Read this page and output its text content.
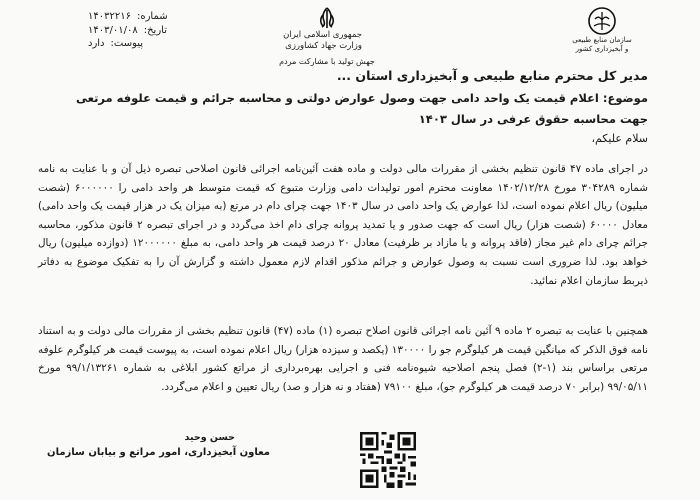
شماره:
۱۴۰۳۲۲۱۶
تاریخ:
۱۴۰۳/۰۱/۰۸
پیوست:
دارد
جمهوری اسلامی ایران
وزارت جهاد کشاورزی
جهش تولید با مشارکت مردم
سازمان منابع طبیعی
و آبخیزداری کشور
مدیر کل محترم منابع طبیعی و آبخیزداری استان ...
موضوع: اعلام قیمت یک واحد دامی جهت وصول عوارض دولتی و محاسبه جرائم و قیمت علوفه مرتعی جهت محاسبه حقوق عرفی در سال ۱۴۰۳
سلام علیکم،
در اجرای ماده ۴۷ قانون تنظیم بخشی از مقررات مالی دولت و ماده هفت آئین‌نامه اجرائی قانون اصلاحی تبصره ذیل آن و با عنایت به نامه شماره ۳۰۴۲۸۹ مورخ ۱۴۰۲/۱۲/۲۸ معاونت محترم امور تولیدات دامی وزارت متبوع که قیمت متوسط هر واحد دامی را ۶۰۰۰۰۰۰ (شصت میلیون) ریال اعلام نموده است، لذا عوارض یک واحد دامی در سال ۱۴۰۳ جهت چرای دام در مرتع (به میزان یک در هزار قیمت یک واحد دامی) معادل ۶۰۰۰۰ (شصت هزار) ریال است که جهت صدور و یا تمدید پروانه چرای دام اخذ می‌گردد و در اجرای تبصره ۲ قانون مذکور، محاسبه جرائم چرای دام غیر مجاز (فاقد پروانه و یا مازاد بر ظرفیت) معادل ۲۰ درصد قیمت هر واحد دامی، به مبلغ ۱۲۰۰۰۰۰۰ (دوازده میلیون) ریال خواهد بود. لذا ضروری است نسبت به وصول عوارض و جرائم مذکور اقدام لازم معمول داشته و گزارش آن را به تفکیک موضوع به دفاتر ذیربط سازمان اعلام نمائید.
همچنین با عنایت به تبصره ۲ ماده ۹ آئین نامه اجرائی قانون اصلاح تبصره (۱) ماده (۴۷) قانون تنظیم بخشی از مقررات مالی دولت و به استناد نامه فوق الذکر که میانگین قیمت هر کیلوگرم جو را ۱۳۰۰۰۰ (یکصد و سیزده هزار) ریال اعلام نموده است، به پیوست قیمت هر کیلوگرم علوفه مرتعی براساس بند (۱-۲) فصل پنجم اصلاحیه شیوه‌نامه فنی و اجرایی بهره‌برداری از مراتع کشور ابلاغی به شماره ۹۹/۱/۱۳۲۶۱ مورخ ۹۹/۰۵/۱۱ (برابر ۷۰ درصد قیمت هر کیلوگرم جو)، مبلغ ۷۹۱۰۰ (هفتاد و نه هزار و صد) ریال تعیین و اعلام می‌گردد.
حسن وحید
معاون آبخیزداری، امور مراتع و بیابان سازمان
